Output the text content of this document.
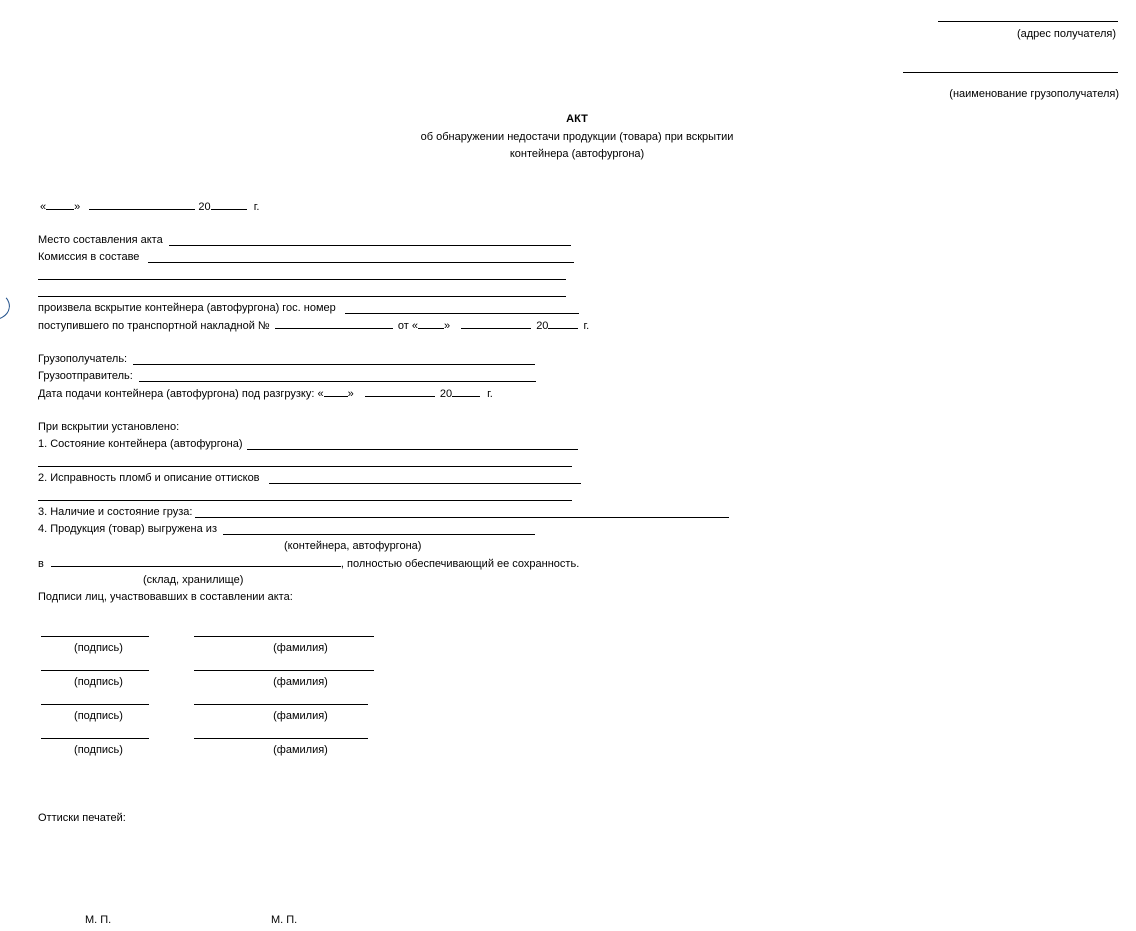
(адрес получателя)
(наименование грузополучателя)
АКТ
об обнаружении недостачи продукции (товара) при вскрытии
контейнера (автофургона)
«	»	20	г.
Место составления акта
Комиссия в составе
произвела вскрытие контейнера (автофургона) гос. номер
поступившего по транспортной накладной №	от « »	20	г.
Грузополучатель:
Грузоотправитель:
Дата подачи контейнера (автофургона) под разгрузку: « »	20	г.
При вскрытии установлено:
1. Состояние контейнера (автофургона)
2. Исправность пломб и описание оттисков
3. Наличие и состояние груза:
4. Продукция (товар) выгружена из
(контейнера, автофургона)
в	, полностью обеспечивающий ее сохранность.
(склад, хранилище)
Подписи лиц, участвовавших в составлении акта:
(подпись)	(фамилия)
(подпись)	(фамилия)
(подпись)	(фамилия)
(подпись)	(фамилия)
Оттиски печатей:
М. П.	М. П.
